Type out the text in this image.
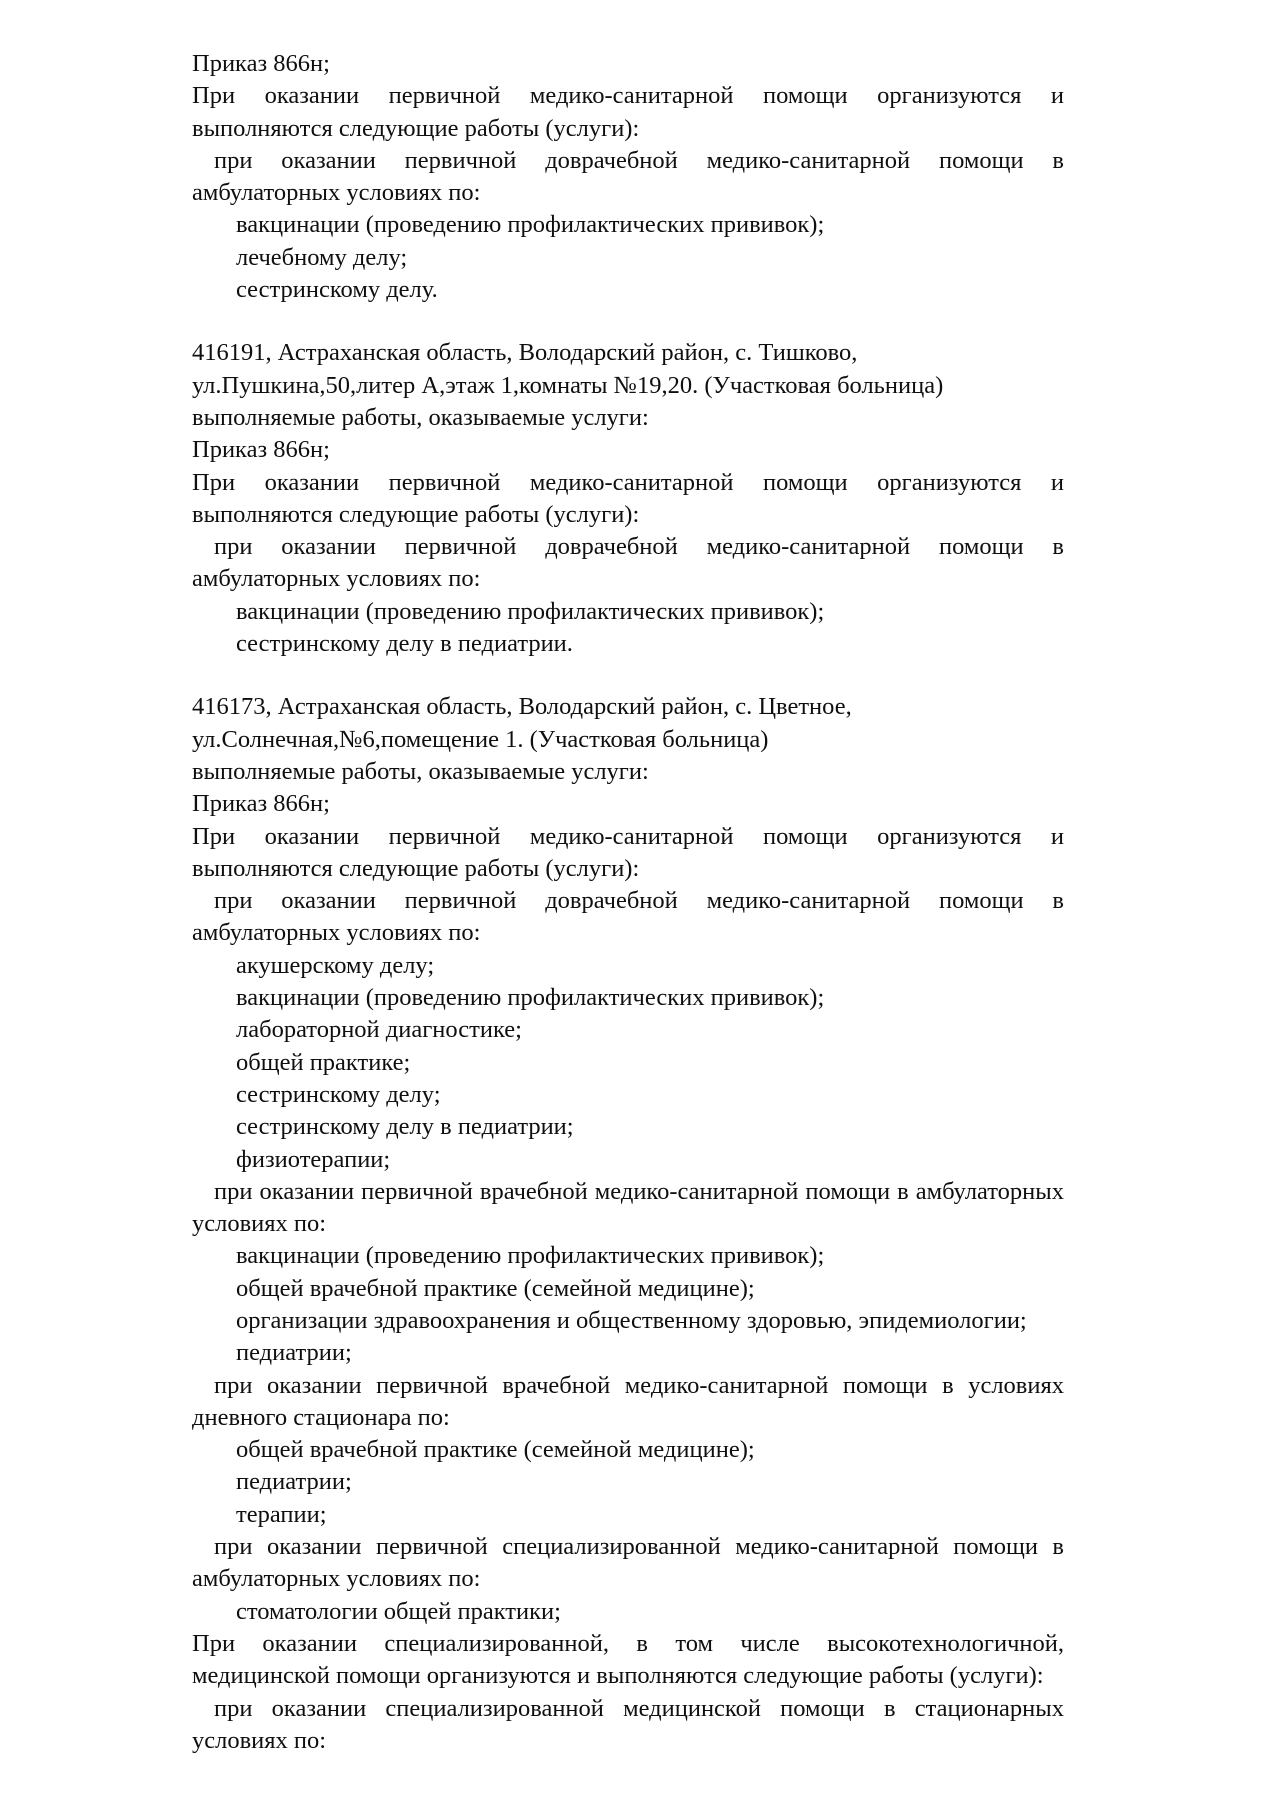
Приказ 866н;

При оказании первичной медико-санитарной помощи организуются и выполняются следующие работы (услуги):

при оказании первичной доврачебной медико-санитарной помощи в амбулаторных условиях по:

вакцинации (проведению профилактических прививок);

лечебному делу;

сестринскому делу.

416191, Астраханская область, Володарский район, с. Тишково, ул.Пушкина,50,литер А,этаж 1,комнаты №19,20. (Участковая больница)

выполняемые работы, оказываемые услуги:

Приказ 866н;

При оказании первичной медико-санитарной помощи организуются и выполняются следующие работы (услуги):

при оказании первичной доврачебной медико-санитарной помощи в амбулаторных условиях по:

вакцинации (проведению профилактических прививок);

сестринскому делу в педиатрии.

416173, Астраханская область, Володарский район, с. Цветное,

ул.Солнечная,№6,помещение 1. (Участковая больница)

выполняемые работы, оказываемые услуги:

Приказ 866н;

При оказании первичной медико-санитарной помощи организуются и выполняются следующие работы (услуги):

при оказании первичной доврачебной медико-санитарной помощи в амбулаторных условиях по:

акушерскому делу;

вакцинации (проведению профилактических прививок);

лабораторной диагностике;

общей практике;

сестринскому делу;

сестринскому делу в педиатрии;

физиотерапии;

при оказании первичной врачебной медико-санитарной помощи в амбулаторных условиях по:

вакцинации (проведению профилактических прививок);

общей врачебной практике (семейной медицине);

организации здравоохранения и общественному здоровью, эпидемиологии;

педиатрии;

при оказании первичной врачебной медико-санитарной помощи в условиях дневного стационара по:

общей врачебной практике (семейной медицине);

педиатрии;

терапии;

при оказании первичной специализированной медико-санитарной помощи в амбулаторных условиях по:

стоматологии общей практики;

При оказании специализированной, в том числе высокотехнологичной, медицинской помощи организуются и выполняются следующие работы (услуги):

при оказании специализированной медицинской помощи в стационарных условиях по:
